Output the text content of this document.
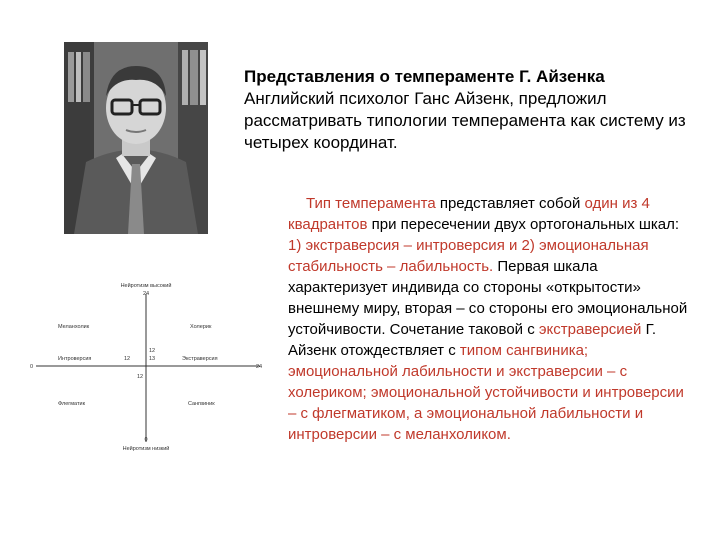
Представления о темпераменте Г. Айзенка
Английский психолог Ганс Айзенк, предложил рассматривать типологии темперамента как систему из четырех координат.
Нейротизм высокий
24
0
Нейротизм низкий
0	24
Меланхолик	Холерик
Флегматик	Сангвиник
Интроверсия	Экстраверсия
12
12	13
12
Тип темперамента представляет собой один из 4 квадрантов при пересечении двух ортогональных шкал: 1) экстраверсия – интроверсия и 2) эмоциональная стабильность – лабильность. Первая шкала характеризует индивида со стороны «открытости» внешнему миру, вторая – со стороны его эмоциональной устойчивости. Сочетание таковой с экстраверсией Г. Айзенк отождествляет с типом сангвиника; эмоциональной лабильности и экстраверсии – с холериком; эмоциональной устойчивости и интроверсии – с флегматиком, а эмоциональной лабильности и интроверсии – с меланхоликом.
